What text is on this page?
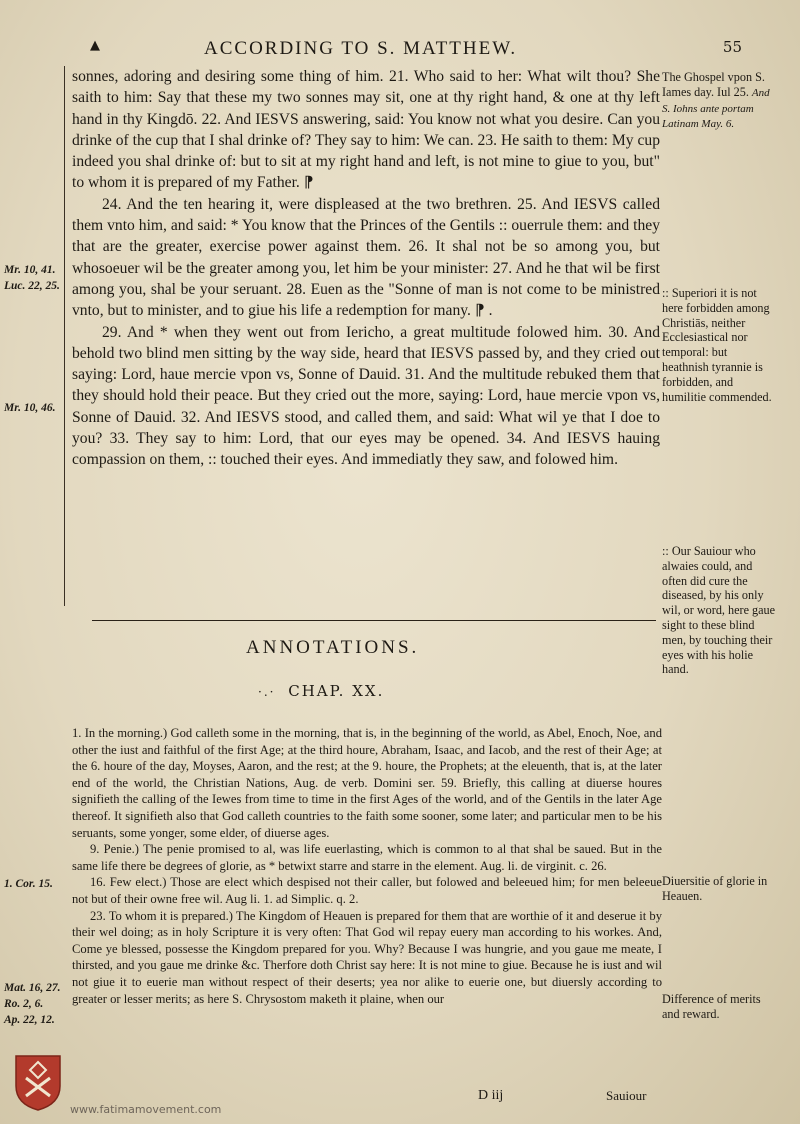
▲	ACCORDING TO S. MATTHEW.	55

sonnes, adoring and desiring some thing of him. 21. Who said to her: What wilt thou? She saith to him: Say that these my two sonnes may sit, one at thy right hand, & one at thy left hand in thy Kingdō. 22. And IESVS answering, said: You know not what you desire. Can you drinke of the cup that I shal drinke of? They say to him: We can. 23. He saith to them: My cup indeed you shal drinke of: but to sit at my right hand and left, is not mine to giue to you, but" to whom it is prepared of my Father. ⁋

24. And the ten hearing it, were displeased at the two brethren. 25. And IESVS called them vnto him, and said: * You know that the Princes of the Gentils :: ouerrule them: and they that are the greater, exercise power against them. 26. It shal not be so among you, but whosoeuer wil be the greater among you, let him be your minister: 27. And he that wil be first among you, shal be your seruant. 28. Euen as the "Sonne of man is not come to be ministred vnto, but to minister, and to giue his life a redemption for many. ⁋ .

29. And * when they went out from Iericho, a great multitude folowed him. 30. And behold two blind men sitting by the way side, heard that IESVS passed by, and they cried out saying: Lord, haue mercie vpon vs, Sonne of Dauid. 31. And the multitude rebuked them that they should hold their peace. But they cried out the more, saying: Lord, haue mercie vpon vs, Sonne of Dauid. 32. And IESVS stood, and called them, and said: What wil ye that I doe to you? 33. They say to him: Lord, that our eyes may be opened. 34. And IESVS hauing compassion on them, :: touched their eyes. And immediatly they saw, and folowed him.

Mr. 10, 41. Luc. 22, 25.
Mr. 10, 46.
1. Cor. 15.
Mat. 16, 27. Ro. 2, 6. Ap. 22, 12.
The Ghospel vpon S. Iames day. Iul 25. And S. Iohns ante portam Latinam May. 6.
:: Superiori it is not here forbidden among Christiās, neither Ecclesiastical nor temporal: but heathnish tyrannie is forbidden, and humilitie commended.
:: Our Sauiour who alwaies could, and often did cure the diseased, by his only wil, or word, here gaue sight to these blind men, by touching their eyes with his holie hand.
Diuersitie of glorie in Heauen.
Difference of merits and reward.
ANNOTATIONS.
·.· CHAP. XX.

1. In the morning.) God calleth some in the morning, that is, in the beginning of the world, as Abel, Enoch, Noe, and other the iust and faithful of the first Age; at the third houre, Abraham, Isaac, and Iacob, and the rest of their Age; at the 6. houre of the day, Moyses, Aaron, and the rest; at the 9. houre, the Prophets; at the eleuenth, that is, at the later end of the world, the Christian Nations, Aug. de verb. Domini ser. 59. Briefly, this calling at diuerse houres signifieth the calling of the Iewes from time to time in the first Ages of the world, and of the Gentils in the later Age thereof. It signifieth also that God calleth countries to the faith some sooner, some later; and particular men to be his seruants, some yonger, some elder, of diuerse ages.

9. Penie.) The penie promised to al, was life euerlasting, which is common to al that shal be saued. But in the same life there be degrees of glorie, as * betwixt starre and starre in the element. Aug. li. de virginit. c. 26.

16. Few elect.) Those are elect which despised not their caller, but folowed and beleeued him; for men beleeue not but of their owne free wil. Aug li. 1. ad Simplic. q. 2.

23. To whom it is prepared.) The Kingdom of Heauen is prepared for them that are worthie of it and deserue it by their wel doing; as in holy Scripture it is very often: That God wil repay euery man according to his workes. And, Come ye blessed, possesse the Kingdom prepared for you. Why? Because I was hungrie, and you gaue me meate, I thirsted, and you gaue me drinke &c. Therfore doth Christ say here: It is not mine to giue. Because he is iust and wil not giue it to euerie man without respect of their deserts; yea nor alike to euerie one, but diuersly according to greater or lesser merits; as here S. Chrysostom maketh it plaine, when our

www.fatimamovement.com
D iij	Sauiour
